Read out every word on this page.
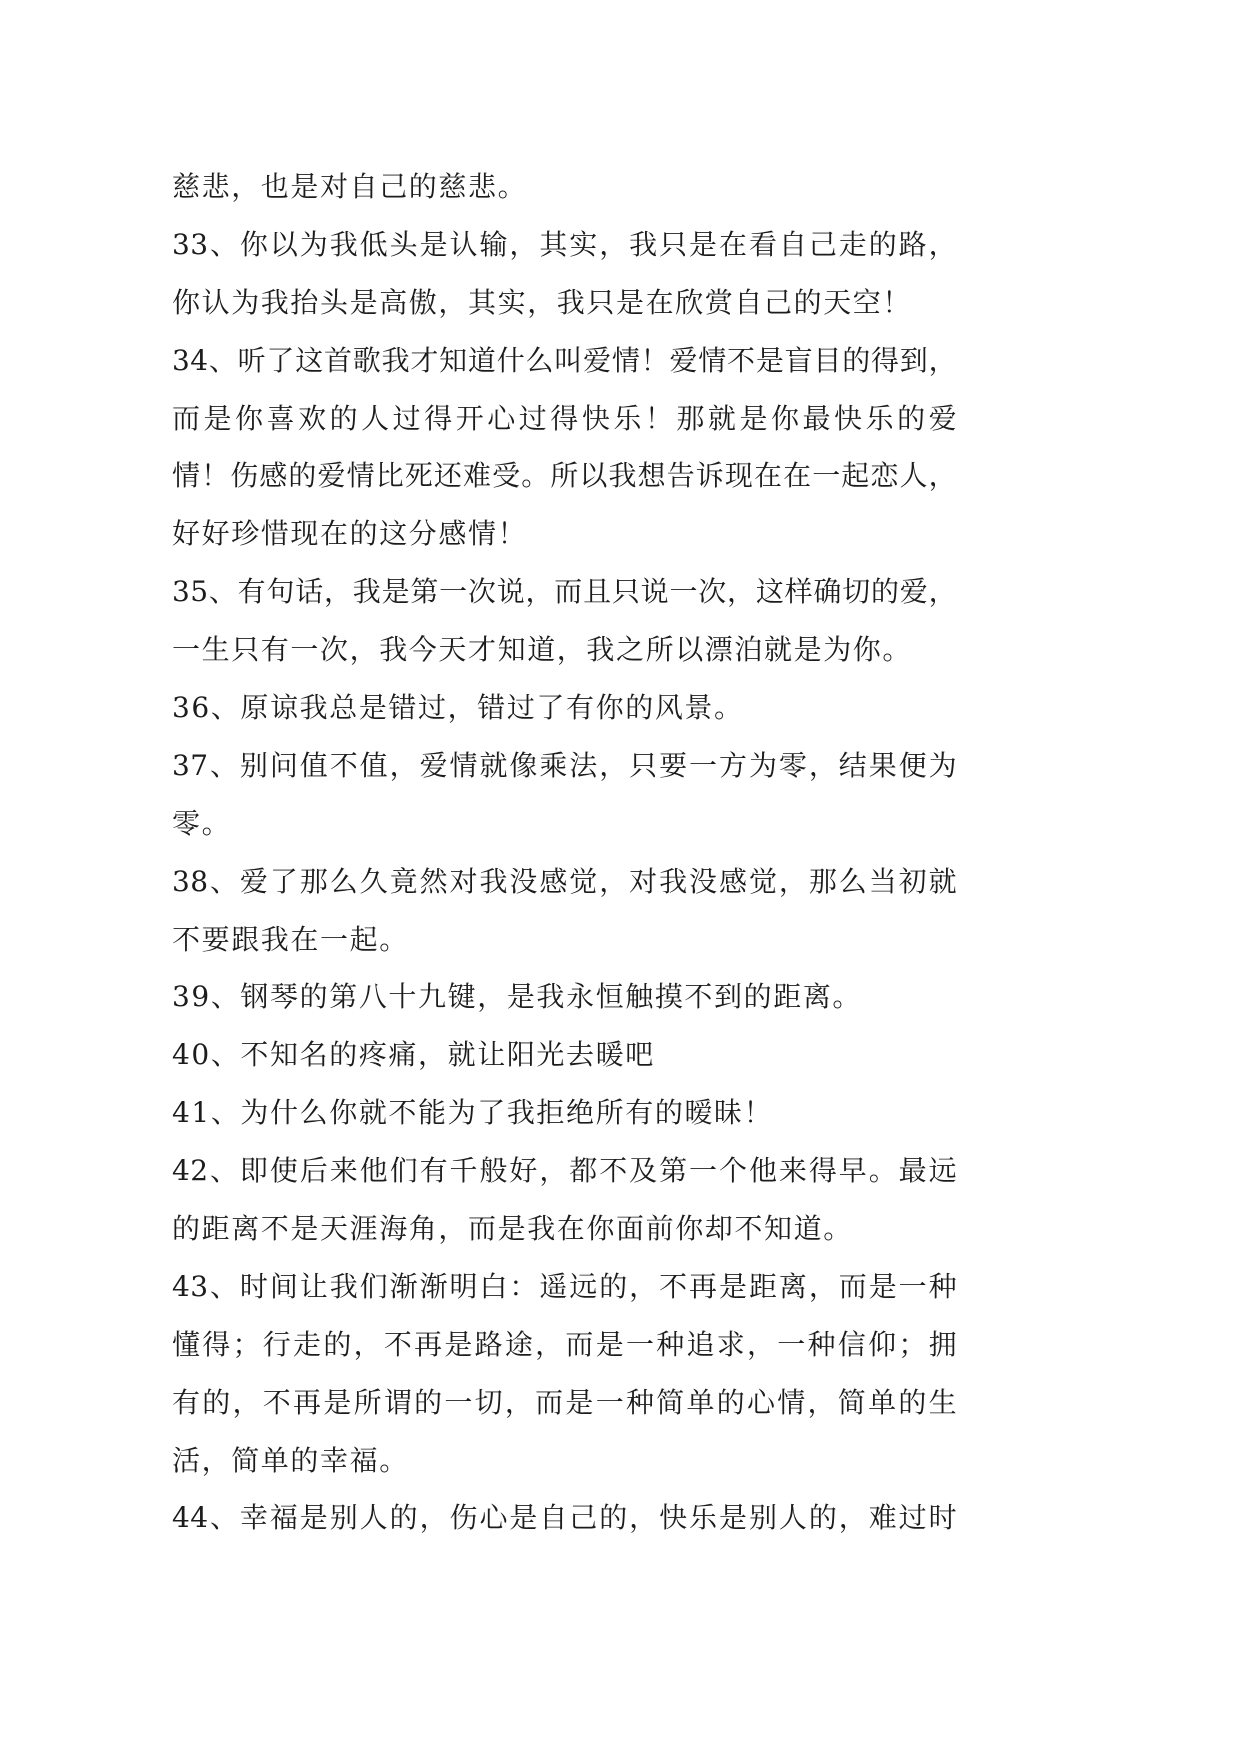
慈悲，也是对自己的慈悲。
33、你以为我低头是认输，其实，我只是在看自己走的路，
你认为我抬头是高傲，其实，我只是在欣赏自己的天空！
34、听了这首歌我才知道什么叫爱情！爱情不是盲目的得到，
而是你喜欢的人过得开心过得快乐！那就是你最快乐的爱
情！伤感的爱情比死还难受。所以我想告诉现在在一起恋人，
好好珍惜现在的这分感情！
35、有句话，我是第一次说，而且只说一次，这样确切的爱，
一生只有一次，我今天才知道，我之所以漂泊就是为你。
36、原谅我总是错过，错过了有你的风景。
37、别问值不值，爱情就像乘法，只要一方为零，结果便为
零。
38、爱了那么久竟然对我没感觉，对我没感觉，那么当初就
不要跟我在一起。
39、钢琴的第八十九键，是我永恒触摸不到的距离。
40、不知名的疼痛，就让阳光去暖吧
41、为什么你就不能为了我拒绝所有的暧昧！
42、即使后来他们有千般好，都不及第一个他来得早。最远
的距离不是天涯海角，而是我在你面前你却不知道。
43、时间让我们渐渐明白：遥远的，不再是距离，而是一种
懂得；行走的，不再是路途，而是一种追求，一种信仰；拥
有的，不再是所谓的一切，而是一种简单的心情，简单的生
活，简单的幸福。
44、幸福是别人的，伤心是自己的，快乐是别人的，难过时
